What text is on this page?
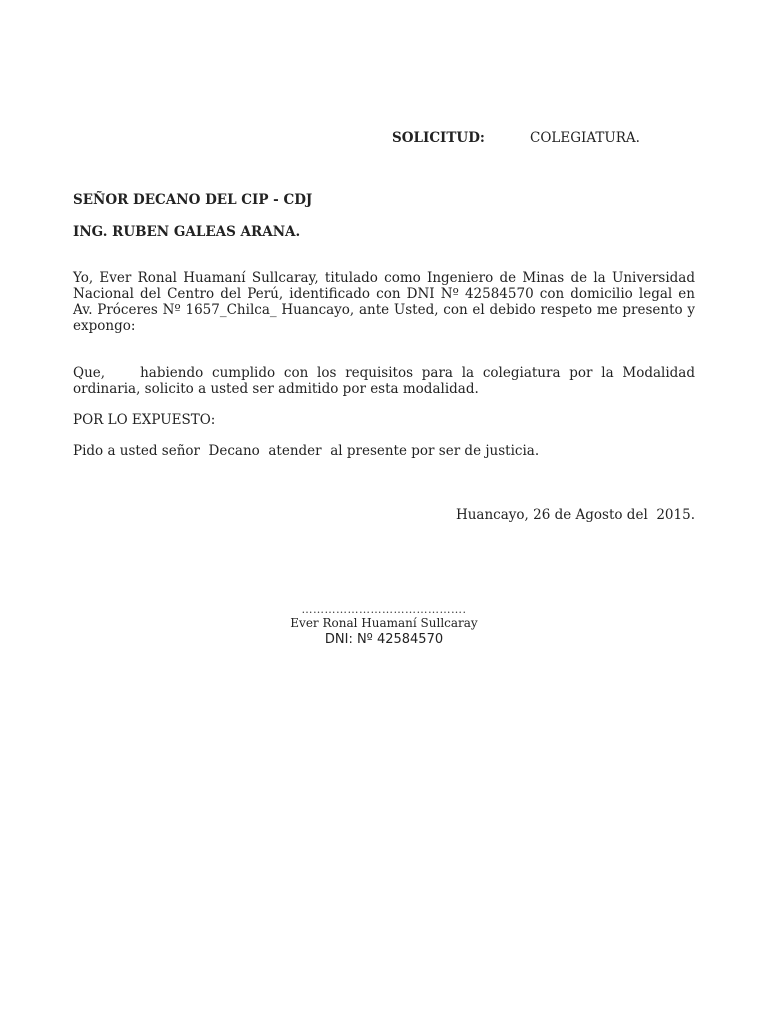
SOLICITUD:	COLEGIATURA.
SEÑOR DECANO DEL CIP - CDJ
ING. RUBEN GALEAS ARANA.

Yo, Ever Ronal Huamaní Sullcaray, titulado como Ingeniero de Minas de la Universidad Nacional del Centro del Perú, identificado con DNI Nº 42584570 con domicilio legal en Av. Próceres Nº 1657_Chilca_ Huancayo, ante Usted, con el debido respeto me presento y expongo:

Que,    habiendo cumplido con los requisitos para la colegiatura por la Modalidad ordinaria, solicito a usted ser admitido por esta modalidad.

POR LO EXPUESTO:

Pido a usted señor  Decano  atender  al presente por ser de justicia.

Huancayo, 26 de Agosto del  2015.
…………………………………….
Ever Ronal Huamaní Sullcaray
DNI: Nº 42584570
